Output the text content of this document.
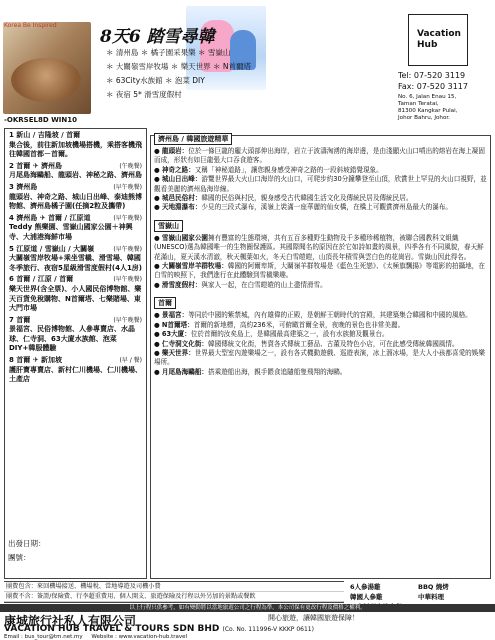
Korea Be Inspired
8天6 踏雪尋韓
＊ 清州島 ＊ 橘子園采果樂 ＊ 雪嶽山
＊ 大關嶺雪岸牧場 ＊ 樂天世界 ＊ N首爾塔
＊ 63City水族館 ＊ 泡菜 DIY
＊ 夜宿 5* 滑雪度假村
-OKRSEL8D WIN10
Vacation
Hub
Tel: 07-520 3119
Fax: 07-520 3117
No. 6, Jalan Enau 15,
Taman Teratai,
81300 Kangkar Pulai,
Johor Bahru, Johor.
1 新山 / 吉隆坡 / 首爾
集合後，前往新加坡機場搭機，乘搭客機飛往韓國首都－首爾。
2 首爾 ✈ 濟州島	(午晚餐)
月尾島海鷗船、龍頭岩、神秘之路、濟州島
3 濟州島	(早午晚餐)
龍頭岩、神奇之路、城山日出峰、泰迪熊博物館、濟州島橘子園(任摘2粒及攜帶)
4 濟州島 ✈ 首爾 / 江原道	(早午晚餐)
Teddy 熊樂園、雪嶽山國家公園＋神興寺、大浦港海鮮市場
5 江原道 / 雪嶽山 / 大關嶺	(早午晚餐)
大關嶺雪岸牧場+乘坐雪橇、滑雪場、韓國冬季旅行、夜宿5星級滑雪度假村(4人1房)
6 首爾 / 江原 / 首爾	(早午晚餐)
樂天世界(含全票)、小人國民俗博物館、樂天百貨免稅購物、N首爾塔、七樂賭場、東大門市場
7 首爾	(早午晚餐)
景福宮、民俗博物館、人參專賣店、水晶球、仁寺洞、63大廈水族館、泡菜DIY+韓服體驗
8 首爾 ✈ 新加坡	(早 / 餐)
護肝寶專賣店、新村仁川機場、仁川機場、土產店
出發日期：
團號：
濟州島 / 韓國旅遊精華

● 龍頭岩：位於一條巨龍的龐大頭部伸出海岸，岩立于波濤洶湧的海岸邊，是由淺顯火山口噴出的熔岩在海上凝固而成，形狀有如巨龍張大口吞食遊客。

● 神奇之路：又稱「神秘道路」，讓您親身感受神奇之路的一段斜坡錯覺現象。

● 城山日出峰：游覽世界最大火山口海岸的火山口，可爬步約30分鐘攀登至山頂，欣賞世上罕見的火山口視野，並觀看美麗的濟州島海岸線。

● 城邑民俗村：韓國的民俗與村民，親身感受古代韓國生活文化及傳統民居及傳統民居。

● 天地淵瀑布：少見的三段式瀑布，溪嶺上裝滿一座華麗的仙女橋，在橋上可觀賞濟州島最大的瀑布。

雪嶽山

● 雪嶽山國家公園擁有豐富的生態環境，共有五百多種野生動物及千多種珍稀植物，被聯合國教科文組織(UNESCO)選為韓國唯一的生物圈保護區。其國際聞名的原因在於它如詩如畫的風景，四季各有不同風貌，春天鮮花滿山，夏天溪水清澈，秋天楓葉如火，冬天白雪皚皚，山頂長年積雪與雲白色的花崗岩。雪嶽山因此得名。

● 大關嶺雪岸羊群牧場：韓國的阿爾卑斯，大關嶺羊群牧場是《藍色生死戀》、《太極旗飄揚》等電影的拍攝地，在白雪的映照下，我們進行在此體驗到雪橇樂趣。

● 滑雪度假村：與家人一起，在白雪皚皚的山上盡情滑雪。

首爾

● 景福宮：等同於中國的紫禁城，內有雄偉的正殿，是朝鮮王朝時代的宮殿，其建築集合韓國和中國的風格。

● N首爾塔：首爾的新地標，高約236米，可俯瞰首爾全景，夜晚的景色也非常美麗。

● 63大廈：位於首爾的汝矣島上，是韓國最高建築之一，設有水族館及觀景台。

● 仁寺洞文化街：韓國傳統文化街，售賣各式傳統工藝品、古董及特色小店，可在此感受傳統韓國風情。

● 樂天世界：世界最大型室內遊樂場之一，設有各式機動遊戲、巡遊表演，冰上溜冰場，是大人小孩都喜愛的娛樂場所。

● 月尾島海鷗船：搭乘遊船出海，親手餵食追隨船隻飛翔的海鷗。

團費包含：來回機場接送、機場稅、當地導遊及司機小費
團費不含：簽證/保險費、行李超重費用、個人開支、旅遊保險及行程以外另加的景點或餐飲
6人參湯雞	BBQ 燒烤 韓國人參雞	中華料理
以上行程只供參考，如有變動將以當地旅遊公司之行程為準。本公司保有更改行程及價格之權利。
康城旅行社私人有限公司	開心旅遊，讓韓國旅遊保障！
VACATION HUB TRAVEL & TOURS SDN BHD (Co. No. 111996-V KKKP 0611)
Email : bus_tour@tm.net.my Website : www.vacation-hub.travel
